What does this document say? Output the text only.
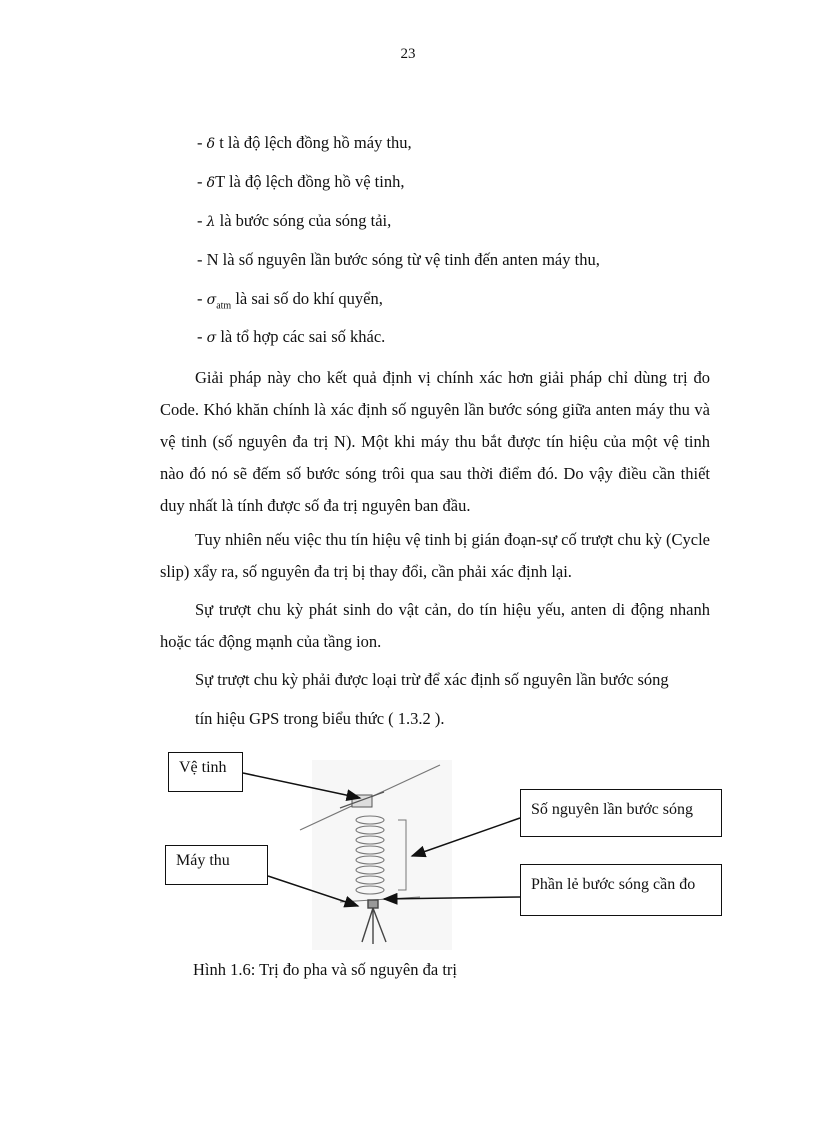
23
- δ t là độ lệch đồng hồ máy thu,
- δT là độ lệch đồng hồ vệ tinh,
- λ là bước sóng của sóng tải,
- N là số nguyên lần bước sóng từ vệ tinh đến anten máy thu,
- $\sigma_{atm}$ là sai số do khí quyển,
- σ là tổ hợp các sai số khác.

Giải pháp này cho kết quả định vị chính xác hơn giải pháp chỉ dùng trị đo Code. Khó khăn chính là xác định số nguyên lần bước sóng giữa anten máy thu và vệ tinh (số nguyên đa trị N). Một khi máy thu bắt được tín hiệu của một vệ tinh nào đó nó sẽ đếm số bước sóng trôi qua sau thời điểm đó. Do vậy điều cần thiết duy nhất là tính được số đa trị nguyên ban đầu.

Tuy nhiên nếu việc thu tín hiệu vệ tinh bị gián đoạn-sự cố trượt chu kỳ (Cycle slip) xẩy ra, số nguyên đa trị bị thay đổi, cần phải xác định lại.

Sự trượt chu kỳ phát sinh do vật cản, do tín hiệu yếu, anten di động nhanh hoặc tác động mạnh của tầng ion.

Sự trượt chu kỳ phải được loại trừ để xác định số nguyên lần bước sóng
tín hiệu GPS trong biểu thức ( 1.3.2 ).
Vệ tinh
Máy thu
Số nguyên lần bước sóng
Phần lẻ bước sóng cần đo
Hình 1.6: Trị đo pha và số nguyên đa trị
